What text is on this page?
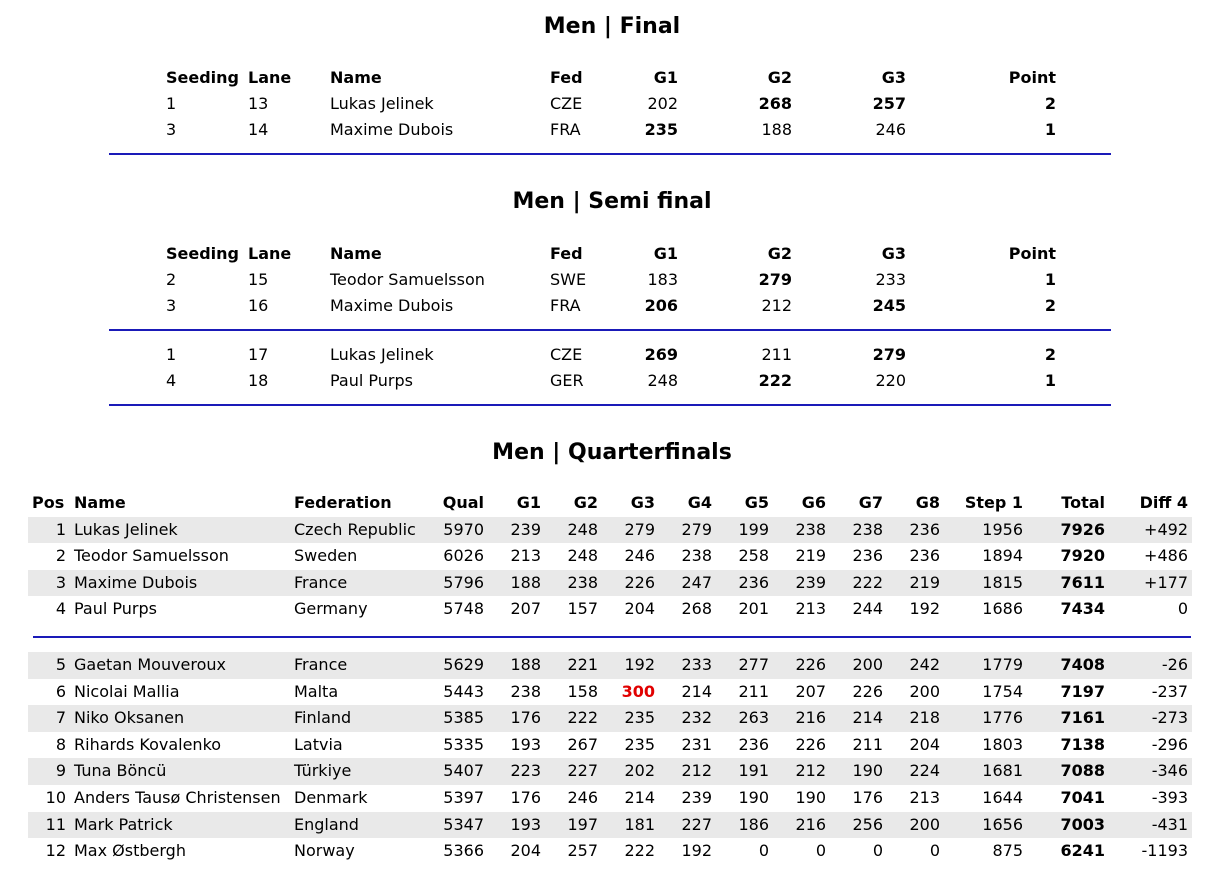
Men | Final
Seeding	Lane	Name	Fed	G1	G2	G3	Point
1	13	Lukas Jelinek	CZE	202	268	257	2
3	14	Maxime Dubois	FRA	235	188	246	1
Men | Semi final
Seeding	Lane	Name	Fed	G1	G2	G3	Point
2	15	Teodor Samuelsson	SWE	183	279	233	1
3	16	Maxime Dubois	FRA	206	212	245	2
1	17	Lukas Jelinek	CZE	269	211	279	2
4	18	Paul Purps	GER	248	222	220	1
Men | Quarterfinals
Pos	Name	Federation	Qual	G1	G2	G3	G4	G5	G6	G7	G8	Step 1	Total	Diff 4
1	Lukas Jelinek	Czech Republic	5970	239	248	279	279	199	238	238	236	1956	7926	+492
2	Teodor Samuelsson	Sweden	6026	213	248	246	238	258	219	236	236	1894	7920	+486
3	Maxime Dubois	France	5796	188	238	226	247	236	239	222	219	1815	7611	+177
4	Paul Purps	Germany	5748	207	157	204	268	201	213	244	192	1686	7434	0
5	Gaetan Mouveroux	France	5629	188	221	192	233	277	226	200	242	1779	7408	-26
6	Nicolai Mallia	Malta	5443	238	158	300	214	211	207	226	200	1754	7197	-237
7	Niko Oksanen	Finland	5385	176	222	235	232	263	216	214	218	1776	7161	-273
8	Rihards Kovalenko	Latvia	5335	193	267	235	231	236	226	211	204	1803	7138	-296
9	Tuna Böncü	Türkiye	5407	223	227	202	212	191	212	190	224	1681	7088	-346
10	Anders Tausø Christensen	Denmark	5397	176	246	214	239	190	190	176	213	1644	7041	-393
11	Mark Patrick	England	5347	193	197	181	227	186	216	256	200	1656	7003	-431
12	Max Østbergh	Norway	5366	204	257	222	192	0	0	0	0	875	6241	-1193
